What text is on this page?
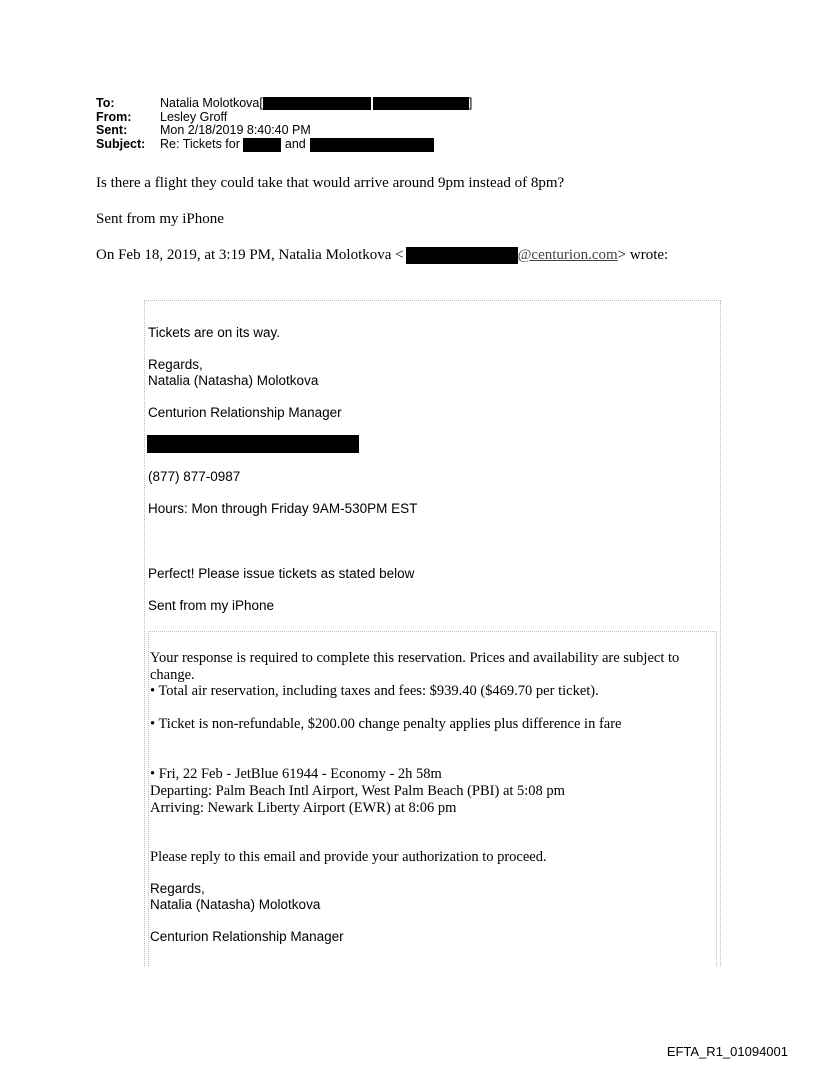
To:	Natalia Molotkova[	]
From:	Lesley Groff
Sent:	Mon 2/18/2019 8:40:40 PM
Subject:	Re: Tickets for	and
Is there a flight they could take that would arrive around 9pm instead of 8pm?
Sent from my iPhone
On Feb 18, 2019, at 3:19 PM, Natalia Molotkova <	@centurion.com> wrote:
Tickets are on its way.
Regards,
Natalia (Natasha) Molotkova
Centurion Relationship Manager
(877) 877-0987
Hours: Mon through Friday 9AM-530PM EST
Perfect! Please issue tickets as stated below
Sent from my iPhone
Your response is required to complete this reservation. Prices and availability are subject to change.
• Total air reservation, including taxes and fees: $939.40 ($469.70 per ticket).
• Ticket is non-refundable, $200.00 change penalty applies plus difference in fare
• Fri, 22 Feb - JetBlue 61944 - Economy - 2h 58m
Departing: Palm Beach Intl Airport, West Palm Beach (PBI) at 5:08 pm
Arriving: Newark Liberty Airport (EWR) at 8:06 pm
Please reply to this email and provide your authorization to proceed.
Regards,
Natalia (Natasha) Molotkova
Centurion Relationship Manager
EFTA_R1_01094001
